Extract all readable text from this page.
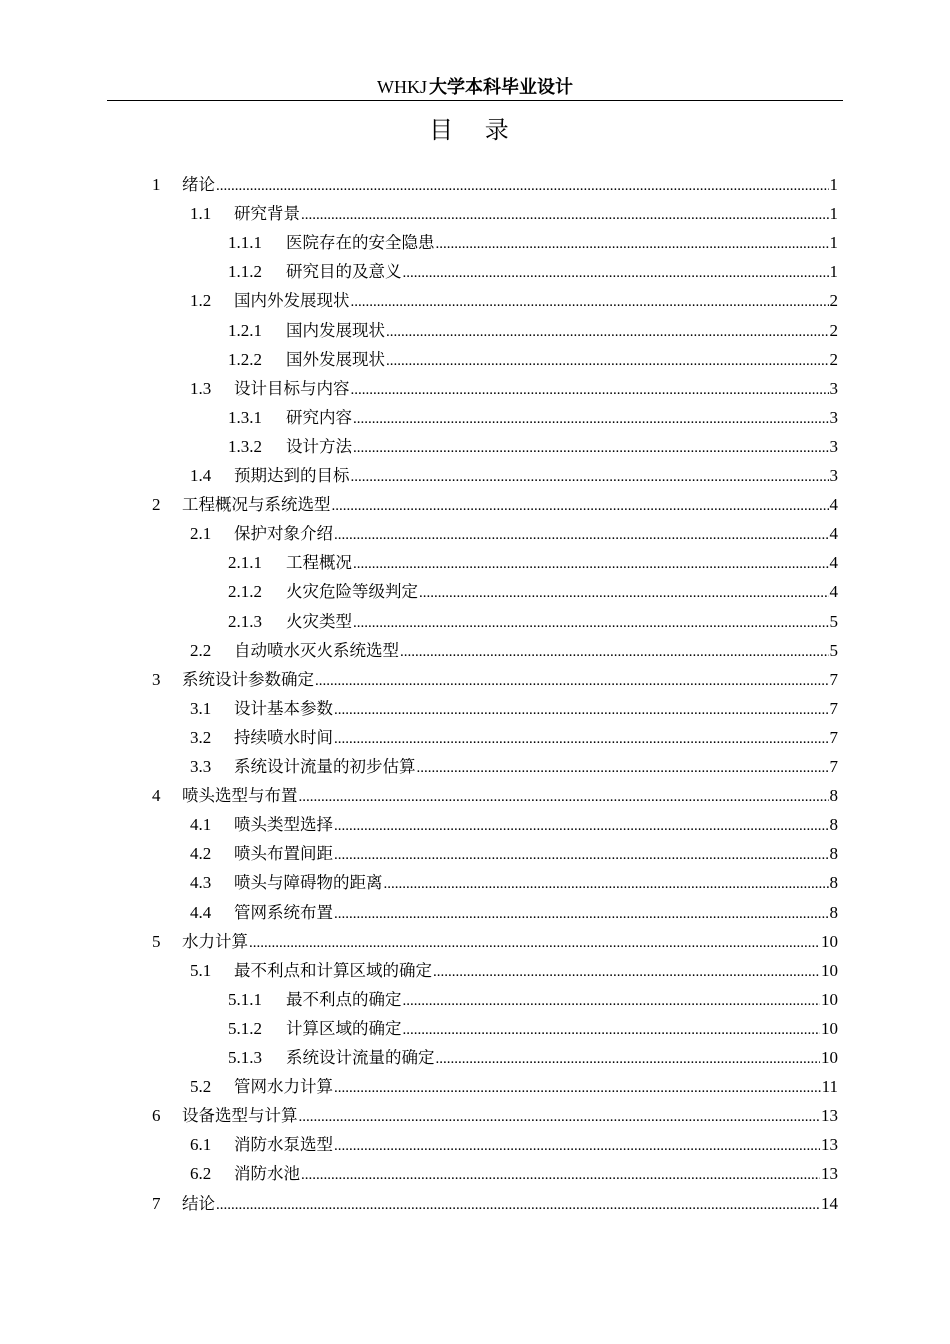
WHKJ 大学本科毕业设计
目 录
1	绪论 .....	1
1.1	研究背景 .....	1
1.1.1	医院存在的安全隐患 .....	1
1.1.2	研究目的及意义 .....	1
1.2	国内外发展现状 .....	2
1.2.1	国内发展现状 .....	2
1.2.2	国外发展现状 .....	2
1.3	设计目标与内容 .....	3
1.3.1	研究内容 .....	3
1.3.2	设计方法 .....	3
1.4	预期达到的目标 .....	3
2	工程概况与系统选型 .....	4
2.1	保护对象介绍 .....	4
2.1.1	工程概况 .....	4
2.1.2	火灾危险等级判定 .....	4
2.1.3	火灾类型 .....	5
2.2	自动喷水灭火系统选型 .....	5
3	系统设计参数确定 .....	7
3.1	设计基本参数 .....	7
3.2	持续喷水时间 .....	7
3.3	系统设计流量的初步估算 .....	7
4	喷头选型与布置 .....	8
4.1	喷头类型选择 .....	8
4.2	喷头布置间距 .....	8
4.3	喷头与障碍物的距离 .....	8
4.4	管网系统布置 .....	8
5	水力计算 .....	10
5.1	最不利点和计算区域的确定 .....	10
5.1.1	最不利点的确定 .....	10
5.1.2	计算区域的确定 .....	10
5.1.3	系统设计流量的确定 .....	10
5.2	管网水力计算 .....	11
6	设备选型与计算 .....	13
6.1	消防水泵选型 .....	13
6.2	消防水池 .....	13
7	结论 .....	14
